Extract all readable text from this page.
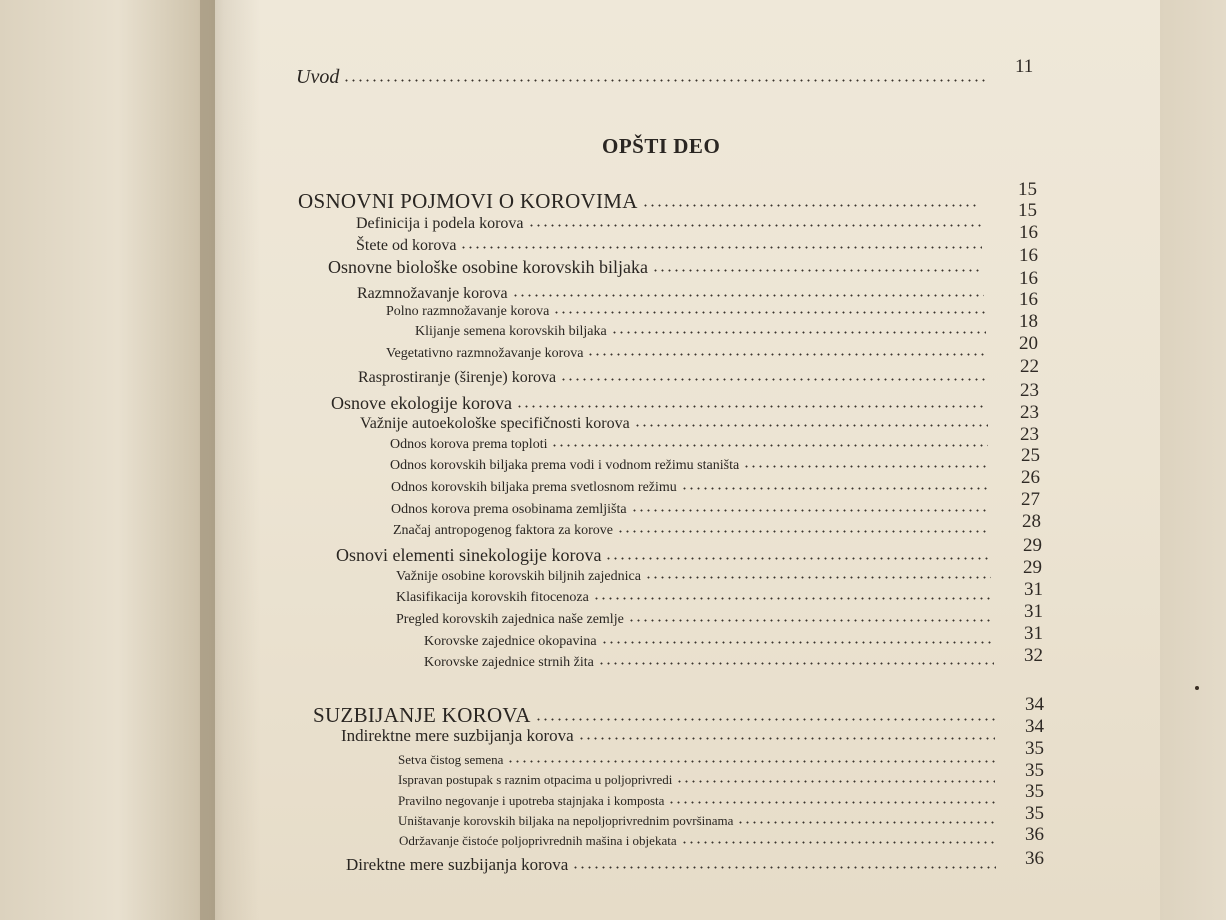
Uvod	11
OPŠTI DEO
OSNOVNI POJMOVI O KOROVIMA
Definicija i podela korova
Štete od korova
Osnovne biološke osobine korovskih biljaka
Razmnožavanje korova
Polno razmnožavanje korova
Klijanje semena korovskih biljaka
Vegetativno razmnožavanje korova
Rasprostiranje (širenje) korova
Osnove ekologije korova
Važnije autoekološke specifičnosti korova
Odnos korova prema toploti
Odnos korovskih biljaka prema vodi i vodnom režimu staništa
Odnos korovskih biljaka prema svetlosnom režimu
Odnos korova prema osobinama zemljišta
Značaj antropogenog faktora za korove
Osnovi elementi sinekologije korova
Važnije osobine korovskih biljnih zajednica
Klasifikacija korovskih fitocenoza
Pregled korovskih zajednica naše zemlje
Korovske zajednice okopavina
Korovske zajednice strnih žita
SUZBIJANJE KOROVA
Indirektne mere suzbijanja korova
Setva čistog semena
Ispravan postupak s raznim otpacima u poljoprivredi
Pravilno negovanje i upotreba stajnjaka i komposta
Uništavanje korovskih biljaka na nepoljoprivrednim površinama
Održavanje čistoće poljoprivrednih mašina i objekata
Direktne mere suzbijanja korova
15
15
16
16
16
16
18
20
22
23
23
23
25
26
27
28
29
29
31
31
31
32
34
34
35
35
35
35
36
36
